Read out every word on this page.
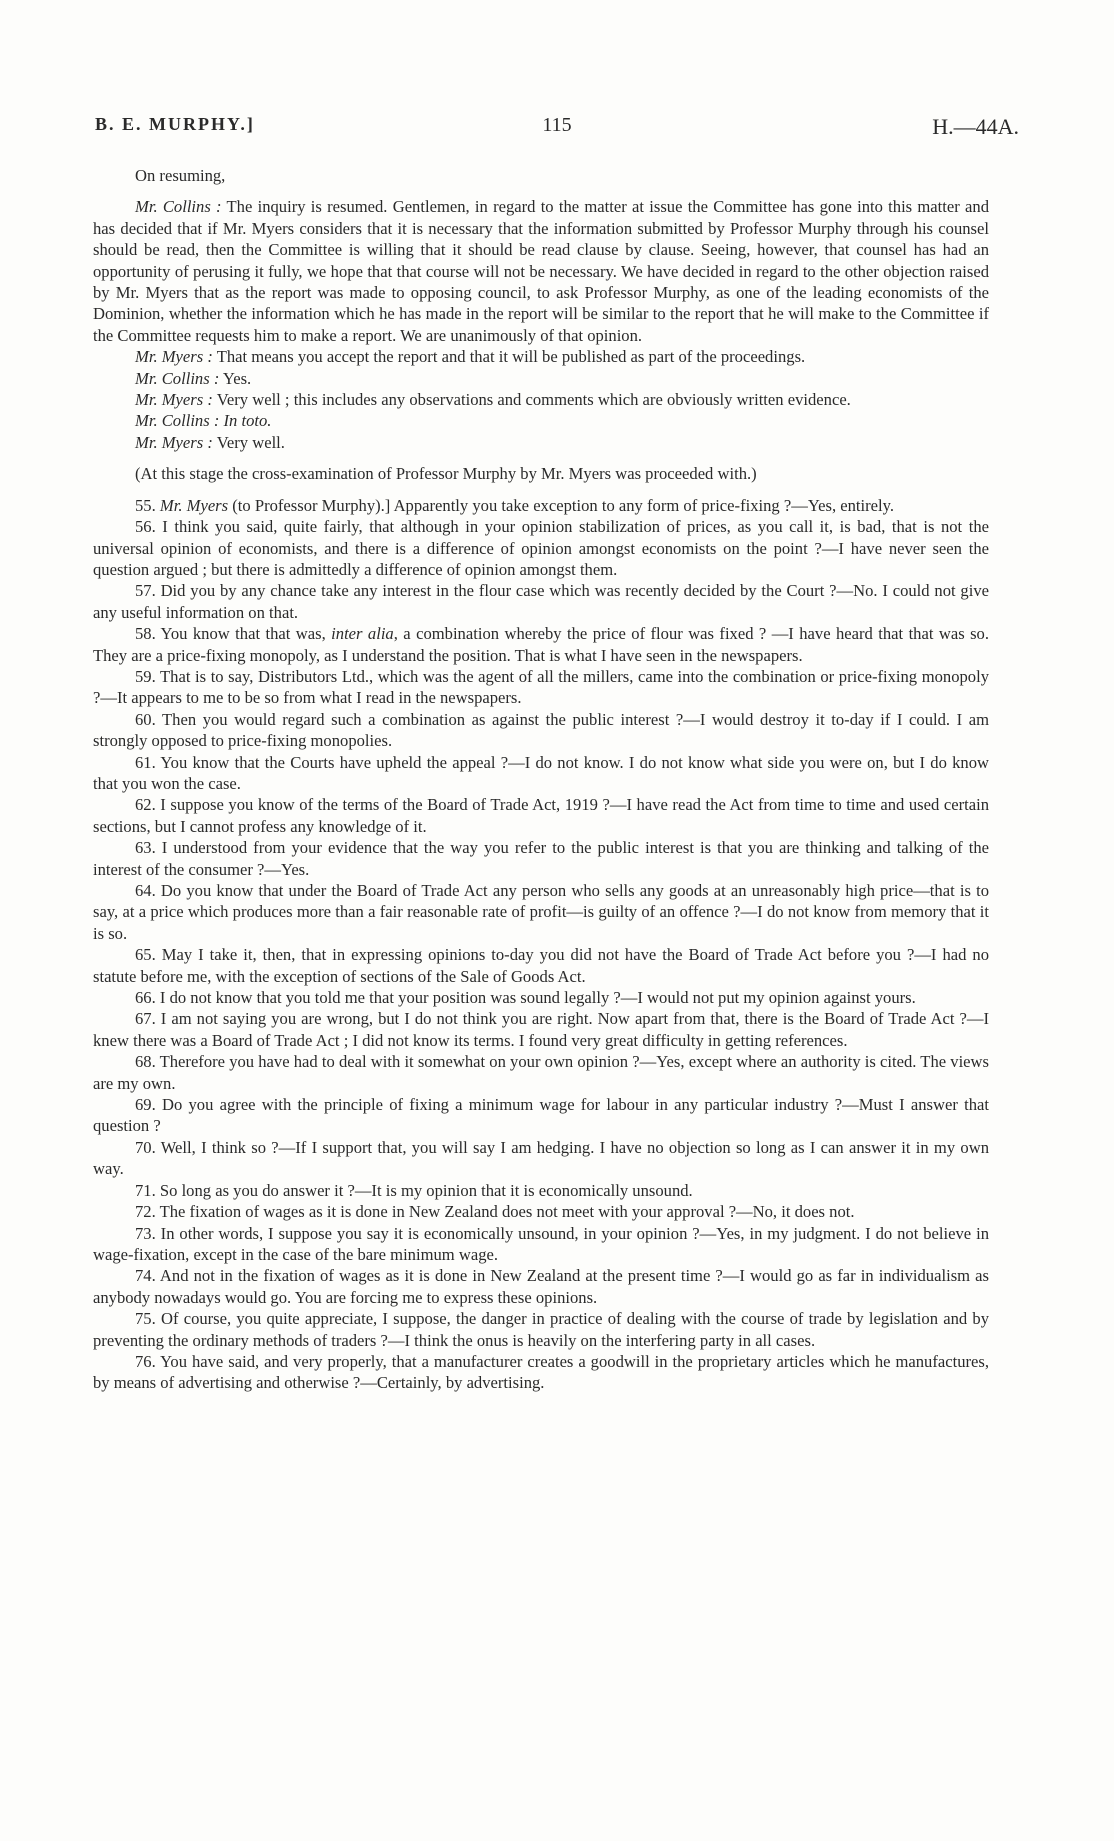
B. E. MURPHY.]	115	H.—44A.

On resuming,

Mr. Collins : The inquiry is resumed. Gentlemen, in regard to the matter at issue the Committee has gone into this matter and has decided that if Mr. Myers considers that it is necessary that the information submitted by Professor Murphy through his counsel should be read, then the Committee is willing that it should be read clause by clause. Seeing, however, that counsel has had an opportunity of perusing it fully, we hope that that course will not be necessary. We have decided in regard to the other objection raised by Mr. Myers that as the report was made to opposing council, to ask Professor Murphy, as one of the leading economists of the Dominion, whether the information which he has made in the report will be similar to the report that he will make to the Committee if the Committee requests him to make a report. We are unanimously of that opinion.

Mr. Myers : That means you accept the report and that it will be published as part of the proceedings.

Mr. Collins : Yes.

Mr. Myers : Very well ; this includes any observations and comments which are obviously written evidence.

Mr. Collins : In toto.

Mr. Myers : Very well.

(At this stage the cross-examination of Professor Murphy by Mr. Myers was proceeded with.)

55. Mr. Myers (to Professor Murphy).] Apparently you take exception to any form of price-fixing ?—Yes, entirely.

56. I think you said, quite fairly, that although in your opinion stabilization of prices, as you call it, is bad, that is not the universal opinion of economists, and there is a difference of opinion amongst economists on the point ?—I have never seen the question argued ; but there is admittedly a difference of opinion amongst them.

57. Did you by any chance take any interest in the flour case which was recently decided by the Court ?—No. I could not give any useful information on that.

58. You know that that was, inter alia, a combination whereby the price of flour was fixed ? —I have heard that that was so. They are a price-fixing monopoly, as I understand the position. That is what I have seen in the newspapers.

59. That is to say, Distributors Ltd., which was the agent of all the millers, came into the combination or price-fixing monopoly ?—It appears to me to be so from what I read in the newspapers.

60. Then you would regard such a combination as against the public interest ?—I would destroy it to-day if I could. I am strongly opposed to price-fixing monopolies.

61. You know that the Courts have upheld the appeal ?—I do not know. I do not know what side you were on, but I do know that you won the case.

62. I suppose you know of the terms of the Board of Trade Act, 1919 ?—I have read the Act from time to time and used certain sections, but I cannot profess any knowledge of it.

63. I understood from your evidence that the way you refer to the public interest is that you are thinking and talking of the interest of the consumer ?—Yes.

64. Do you know that under the Board of Trade Act any person who sells any goods at an unreasonably high price—that is to say, at a price which produces more than a fair reasonable rate of profit—is guilty of an offence ?—I do not know from memory that it is so.

65. May I take it, then, that in expressing opinions to-day you did not have the Board of Trade Act before you ?—I had no statute before me, with the exception of sections of the Sale of Goods Act.

66. I do not know that you told me that your position was sound legally ?—I would not put my opinion against yours.

67. I am not saying you are wrong, but I do not think you are right. Now apart from that, there is the Board of Trade Act ?—I knew there was a Board of Trade Act ; I did not know its terms. I found very great difficulty in getting references.

68. Therefore you have had to deal with it somewhat on your own opinion ?—Yes, except where an authority is cited. The views are my own.

69. Do you agree with the principle of fixing a minimum wage for labour in any particular industry ?—Must I answer that question ?

70. Well, I think so ?—If I support that, you will say I am hedging. I have no objection so long as I can answer it in my own way.

71. So long as you do answer it ?—It is my opinion that it is economically unsound.

72. The fixation of wages as it is done in New Zealand does not meet with your approval ?—No, it does not.

73. In other words, I suppose you say it is economically unsound, in your opinion ?—Yes, in my judgment. I do not believe in wage-fixation, except in the case of the bare minimum wage.

74. And not in the fixation of wages as it is done in New Zealand at the present time ?—I would go as far in individualism as anybody nowadays would go. You are forcing me to express these opinions.

75. Of course, you quite appreciate, I suppose, the danger in practice of dealing with the course of trade by legislation and by preventing the ordinary methods of traders ?—I think the onus is heavily on the interfering party in all cases.

76. You have said, and very properly, that a manufacturer creates a goodwill in the proprietary articles which he manufactures, by means of advertising and otherwise ?—Certainly, by advertising.
